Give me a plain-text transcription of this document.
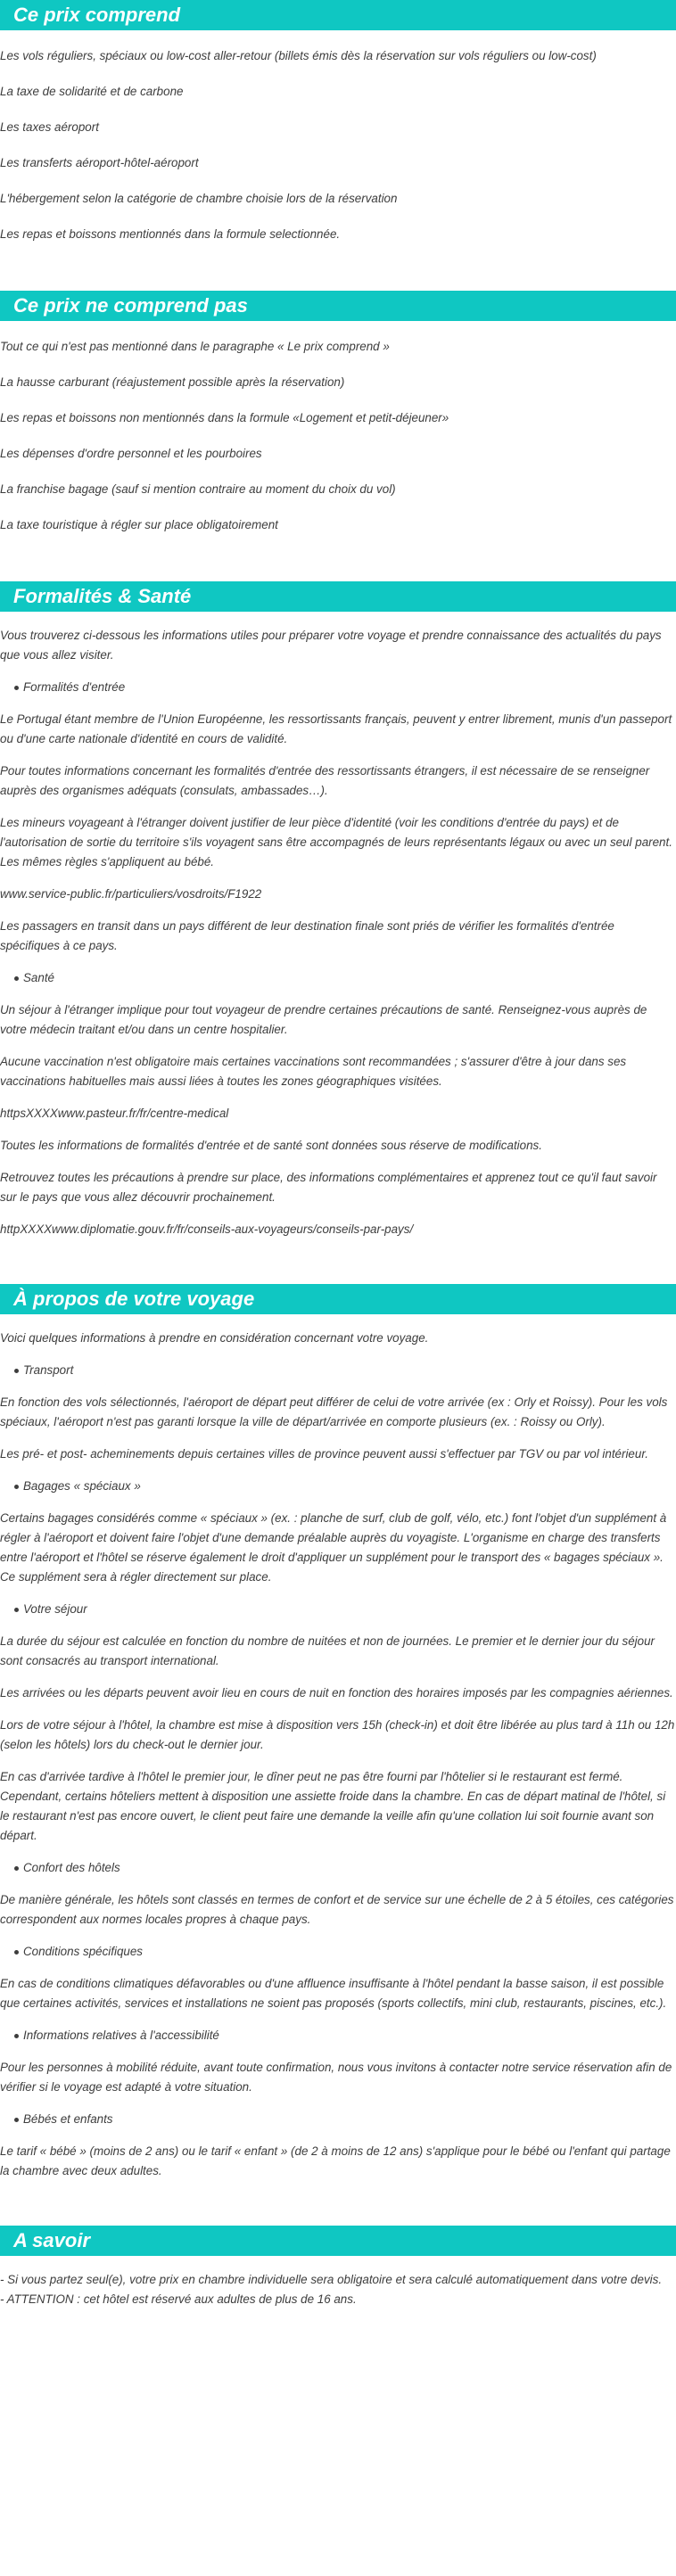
Ce prix comprend

Les vols réguliers, spéciaux ou low-cost aller-retour (billets émis dès la réservation sur vols réguliers ou low-cost)

La taxe de solidarité et de carbone

Les taxes aéroport

Les transferts aéroport-hôtel-aéroport

L'hébergement selon la catégorie de chambre choisie lors de la réservation

Les repas et boissons mentionnés dans la formule selectionnée.

Ce prix ne comprend pas

Tout ce qui n'est pas mentionné dans le paragraphe « Le prix comprend »

La hausse carburant (réajustement possible après la réservation)

Les repas et boissons non mentionnés dans la formule «Logement et petit-déjeuner»

Les dépenses d'ordre personnel et les pourboires

La franchise bagage (sauf si mention contraire au moment du choix du vol)

La taxe touristique à régler sur place obligatoirement

Formalités & Santé

Vous trouverez ci-dessous les informations utiles pour préparer votre voyage et prendre connaissance des actualités du pays que vous allez visiter.

Formalités d'entrée

Le Portugal étant membre de l'Union Européenne, les ressortissants français, peuvent y entrer librement, munis d'un passeport ou d'une carte nationale d'identité en cours de validité.

Pour toutes informations concernant les formalités d'entrée des ressortissants étrangers, il est nécessaire de se renseigner auprès des organismes adéquats (consulats, ambassades…).

Les mineurs voyageant à l'étranger doivent justifier de leur pièce d'identité (voir les conditions d'entrée du pays) et de l'autorisation de sortie du territoire s'ils voyagent sans être accompagnés de leurs représentants légaux ou avec un seul parent. Les mêmes règles s'appliquent au bébé.

www.service-public.fr/particuliers/vosdroits/F1922

Les passagers en transit dans un pays différent de leur destination finale sont priés de vérifier les formalités d'entrée spécifiques à ce pays.

Santé

Un séjour à l'étranger implique pour tout voyageur de prendre certaines précautions de santé. Renseignez-vous auprès de votre médecin traitant et/ou dans un centre hospitalier.

Aucune vaccination n'est obligatoire mais certaines vaccinations sont recommandées ; s'assurer d'être à jour dans ses vaccinations habituelles mais aussi liées à toutes les zones géographiques visitées.

httpsXXXXwww.pasteur.fr/fr/centre-medical

Toutes les informations de formalités d'entrée et de santé sont données sous réserve de modifications.

Retrouvez toutes les précautions à prendre sur place, des informations complémentaires et apprenez tout ce qu'il faut savoir sur le pays que vous allez découvrir prochainement.

httpXXXXwww.diplomatie.gouv.fr/fr/conseils-aux-voyageurs/conseils-par-pays/

À propos de votre voyage

Voici quelques informations à prendre en considération concernant votre voyage.

Transport

En fonction des vols sélectionnés, l'aéroport de départ peut différer de celui de votre arrivée (ex : Orly et Roissy). Pour les vols spéciaux, l'aéroport n'est pas garanti lorsque la ville de départ/arrivée en comporte plusieurs (ex. : Roissy ou Orly).

Les pré- et post- acheminements depuis certaines villes de province peuvent aussi s'effectuer par TGV ou par vol intérieur.

Bagages « spéciaux »

Certains bagages considérés comme « spéciaux » (ex. : planche de surf, club de golf, vélo, etc.) font l'objet d'un supplément à régler à l'aéroport et doivent faire l'objet d'une demande préalable auprès du voyagiste. L'organisme en charge des transferts entre l'aéroport et l'hôtel se réserve également le droit d'appliquer un supplément pour le transport des « bagages spéciaux ». Ce supplément sera à régler directement sur place.

Votre séjour

La durée du séjour est calculée en fonction du nombre de nuitées et non de journées. Le premier et le dernier jour du séjour sont consacrés au transport international.

Les arrivées ou les départs peuvent avoir lieu en cours de nuit en fonction des horaires imposés par les compagnies aériennes.

Lors de votre séjour à l'hôtel, la chambre est mise à disposition vers 15h (check-in) et doit être libérée au plus tard à 11h ou 12h (selon les hôtels) lors du check-out le dernier jour.

En cas d'arrivée tardive à l'hôtel le premier jour, le dîner peut ne pas être fourni par l'hôtelier si le restaurant est fermé. Cependant, certains hôteliers mettent à disposition une assiette froide dans la chambre. En cas de départ matinal de l'hôtel, si le restaurant n'est pas encore ouvert, le client peut faire une demande la veille afin qu'une collation lui soit fournie avant son départ.

Confort des hôtels

De manière générale, les hôtels sont classés en termes de confort et de service sur une échelle de 2 à 5 étoiles, ces catégories correspondent aux normes locales propres à chaque pays.

Conditions spécifiques

En cas de conditions climatiques défavorables ou d'une affluence insuffisante à l'hôtel pendant la basse saison, il est possible que certaines activités, services et installations ne soient pas proposés (sports collectifs, mini club, restaurants, piscines, etc.).

Informations relatives à l'accessibilité

Pour les personnes à mobilité réduite, avant toute confirmation, nous vous invitons à contacter notre service réservation afin de vérifier si le voyage est adapté à votre situation.

Bébés et enfants

Le tarif « bébé » (moins de 2 ans) ou le tarif « enfant » (de 2 à moins de 12 ans) s'applique pour le bébé ou l'enfant qui partage la chambre avec deux adultes.

A savoir

- Si vous partez seul(e), votre prix en chambre individuelle sera obligatoire et sera calculé automatiquement dans votre devis.

- ATTENTION : cet hôtel est réservé aux adultes de plus de 16 ans.
